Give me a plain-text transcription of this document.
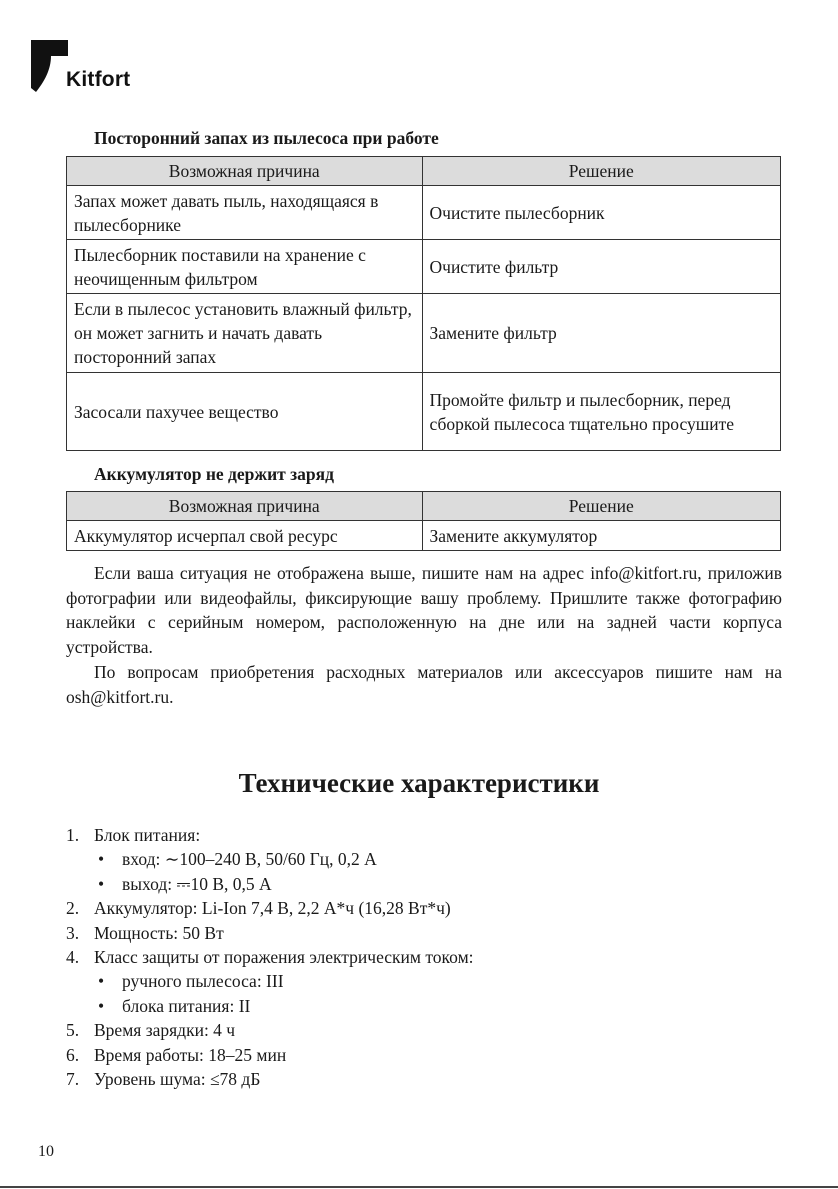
Kitfort
Посторонний запах из пылесоса при работе
Возможная причина	Решение
Запах может давать пыль, находящаяся в пылесборнике	Очистите пылесборник
Пылесборник поставили на хранение с неочищенным фильтром	Очистите фильтр
Если в пылесос установить влажный фильтр, он может загнить и начать давать посторонний запах	Замените фильтр
Засосали пахучее вещество	Промойте фильтр и пылесборник, перед сборкой пылесоса тщательно просушите
Аккумулятор не держит заряд
Возможная причина	Решение
Аккумулятор исчерпал свой ресурс	Замените аккумулятор

Если ваша ситуация не отображена выше, пишите нам на адрес info@kitfort.ru, приложив фотографии или видеофайлы, фиксирующие вашу проблему. Пришлите также фотографию наклейки с серийным номером, расположенную на дне или на задней части корпуса устройства.

По вопросам приобретения расходных материалов или аксессуаров пишите нам на osh@kitfort.ru.

Технические характеристики
1. Блок питания:
• вход: ∼100–240 В, 50/60 Гц, 0,2 А
• выход: ⎓10 В, 0,5 А
2. Аккумулятор: Li-Ion 7,4 В, 2,2 А*ч (16,28 Вт*ч)
3. Мощность: 50 Вт
4. Класс защиты от поражения электрическим током:
• ручного пылесоса: III
• блока питания: II
5. Время зарядки: 4 ч
6. Время работы: 18–25 мин
7. Уровень шума: ≤78 дБ
10
